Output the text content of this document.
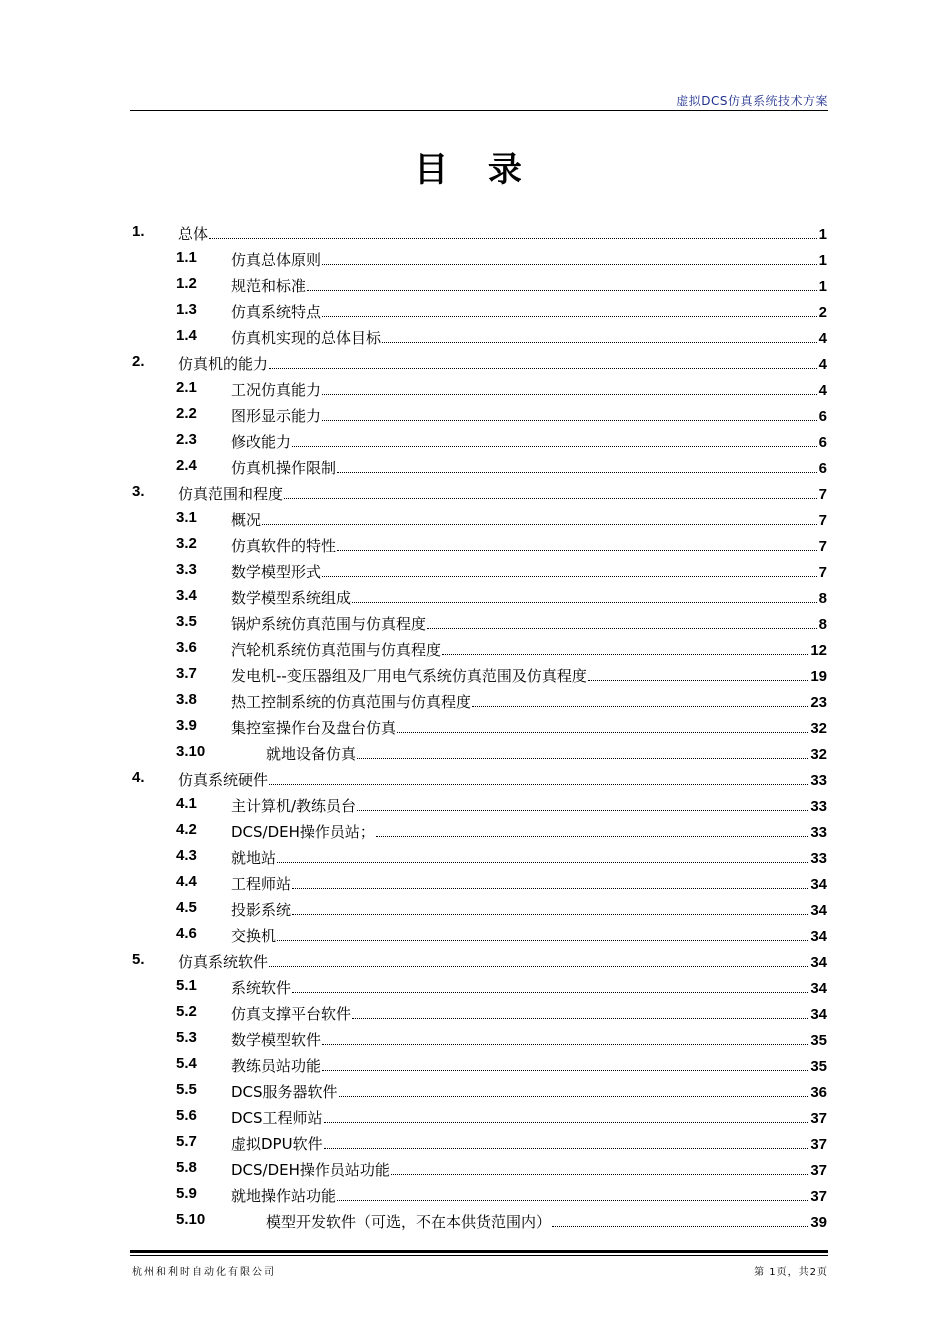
虚拟DCS仿真系统技术方案
目 录
1. 总体	1
1.1 仿真总体原则	1
1.2 规范和标准	1
1.3 仿真系统特点	2
1.4 仿真机实现的总体目标	4
2. 仿真机的能力	4
2.1 工况仿真能力	4
2.2 图形显示能力	6
2.3 修改能力	6
2.4 仿真机操作限制	6
3. 仿真范围和程度	7
3.1 概况	7
3.2 仿真软件的特性	7
3.3 数学模型形式	7
3.4 数学模型系统组成	8
3.5 锅炉系统仿真范围与仿真程度	8
3.6 汽轮机系统仿真范围与仿真程度	12
3.7 发电机--变压器组及厂用电气系统仿真范围及仿真程度	19
3.8 热工控制系统的仿真范围与仿真程度	23
3.9 集控室操作台及盘台仿真	32
3.10	就地设备仿真	32
4. 仿真系统硬件	33
4.1 主计算机/教练员台	33
4.2 DCS/DEH操作员站；	33
4.3 就地站	33
4.4 工程师站	34
4.5 投影系统	34
4.6 交换机	34
5. 仿真系统软件	34
5.1 系统软件	34
5.2 仿真支撑平台软件	34
5.3 数学模型软件	35
5.4 教练员站功能	35
5.5 DCS服务器软件	36
5.6 DCS工程师站	37
5.7 虚拟DPU软件	37
5.8 DCS/DEH操作员站功能	37
5.9 就地操作站功能	37
5.10	模型开发软件（可选，不在本供货范围内）	39
杭州和利时自动化有限公司	第 1页，共2页
